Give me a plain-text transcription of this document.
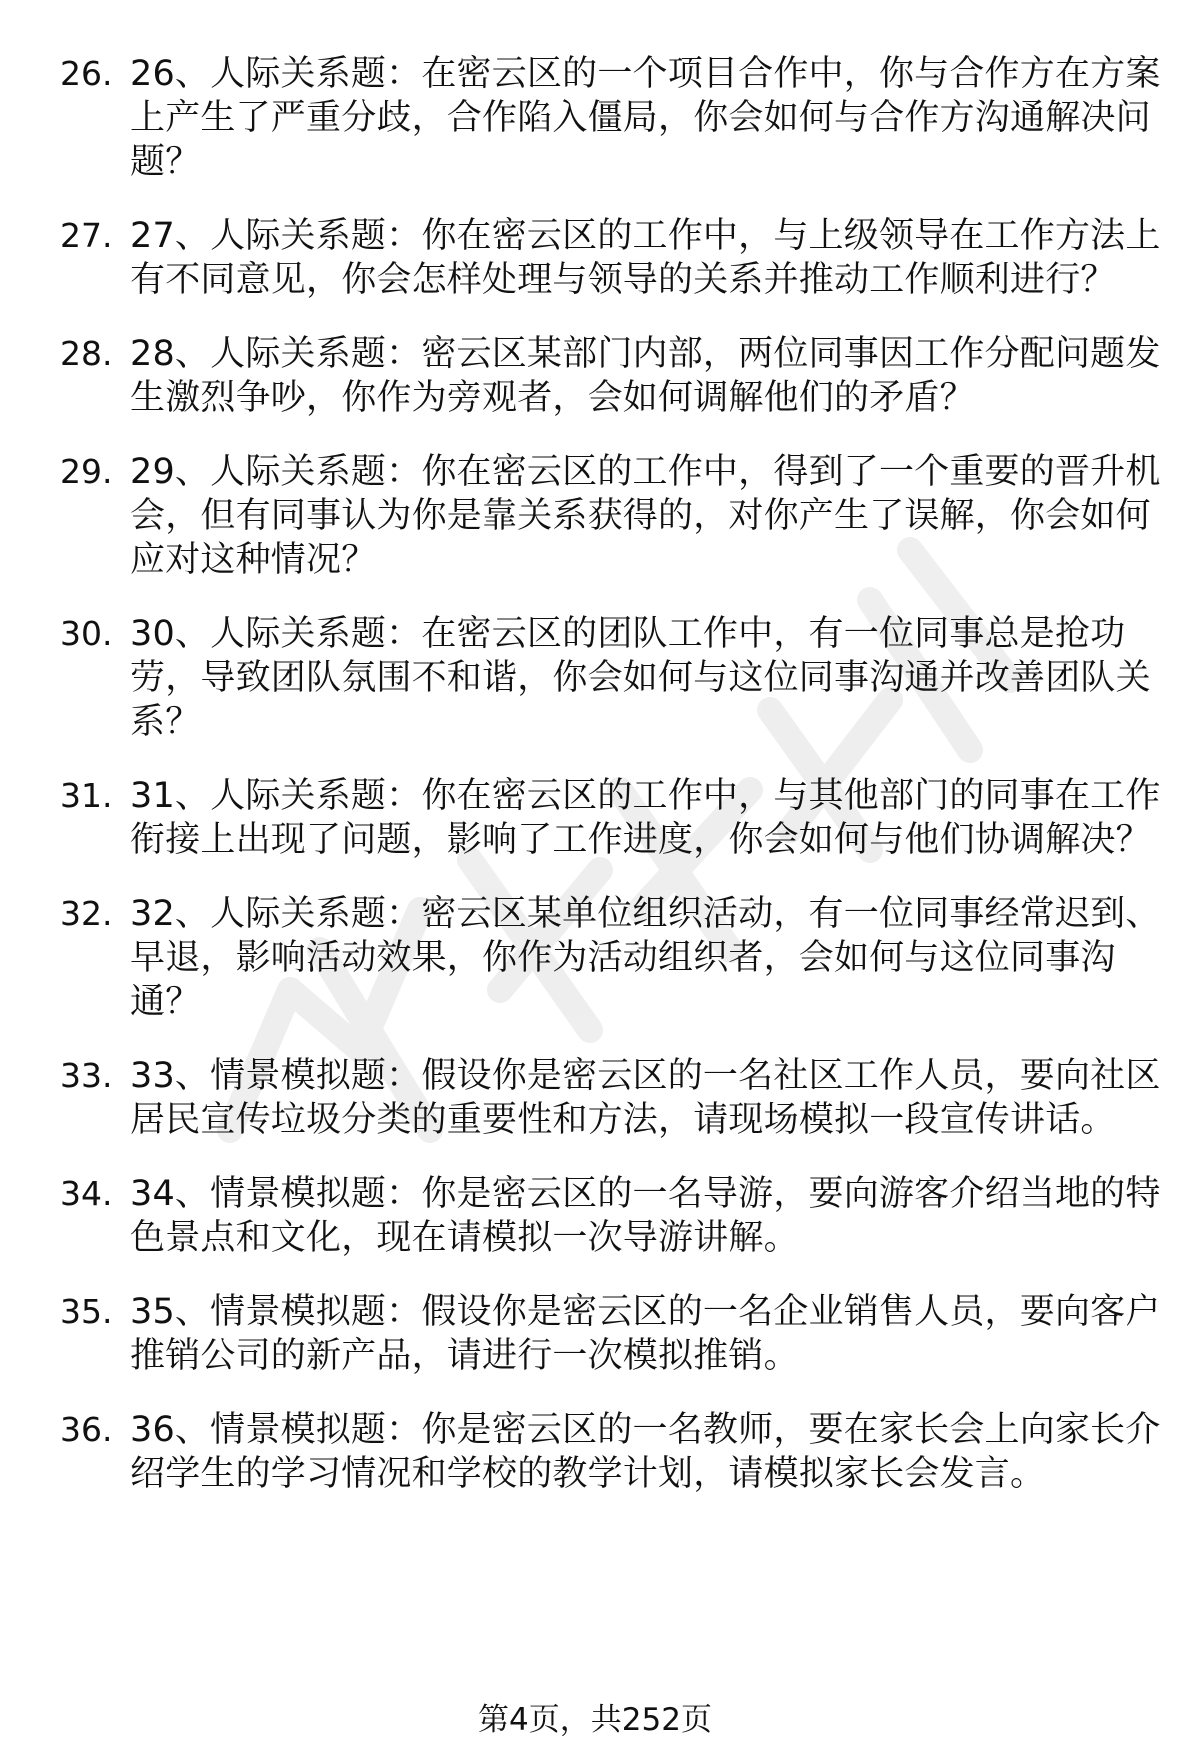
26. 26、人际关系题：在密云区的一个项目合作中，你与合作方在方案上产生了严重分歧，合作陷入僵局，你会如何与合作方沟通解决问题？
27. 27、人际关系题：你在密云区的工作中，与上级领导在工作方法上有不同意见，你会怎样处理与领导的关系并推动工作顺利进行？
28. 28、人际关系题：密云区某部门内部，两位同事因工作分配问题发生激烈争吵，你作为旁观者，会如何调解他们的矛盾？
29. 29、人际关系题：你在密云区的工作中，得到了一个重要的晋升机会，但有同事认为你是靠关系获得的，对你产生了误解，你会如何应对这种情况？
30. 30、人际关系题：在密云区的团队工作中，有一位同事总是抢功劳，导致团队氛围不和谐，你会如何与这位同事沟通并改善团队关系？
31. 31、人际关系题：你在密云区的工作中，与其他部门的同事在工作衔接上出现了问题，影响了工作进度，你会如何与他们协调解决？
32. 32、人际关系题：密云区某单位组织活动，有一位同事经常迟到、早退，影响活动效果，你作为活动组织者，会如何与这位同事沟通？
33. 33、情景模拟题：假设你是密云区的一名社区工作人员，要向社区居民宣传垃圾分类的重要性和方法，请现场模拟一段宣传讲话。
34. 34、情景模拟题：你是密云区的一名导游，要向游客介绍当地的特色景点和文化，现在请模拟一次导游讲解。
35. 35、情景模拟题：假设你是密云区的一名企业销售人员，要向客户推销公司的新产品，请进行一次模拟推销。
36. 36、情景模拟题：你是密云区的一名教师，要在家长会上向家长介绍学生的学习情况和学校的教学计划，请模拟家长会发言。
第4页，共252页
